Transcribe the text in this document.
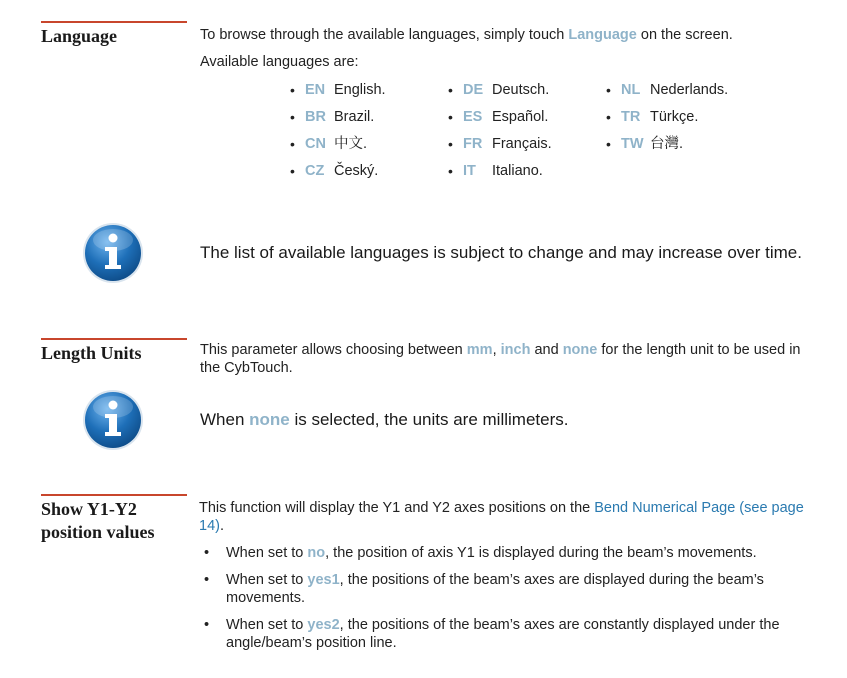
Language	To browse through the available languages, simply touch Language on the screen.
Available languages are:
• EN English.
• BR Brazil.
• CN 中文.
• CZ Český.
• DE Deutsch.
• ES Español.
• FR Français.
• IT Italiano.
• NL Nederlands.
• TR Türkçe.
• TW 台灣.
The list of available languages is subject to change and may increase over time.
Length Units	This parameter allows choosing between mm, inch and none for the length unit to be used in the CybTouch.
When none is selected, the units are millimeters.
Show Y1-Y2
position values
This function will display the Y1 and Y2 axes positions on the Bend Numerical Page (see page 14).
• When set to no, the position of axis Y1 is displayed during the beam’s movements.
• When set to yes1, the positions of the beam’s axes are displayed during the beam’s movements.
• When set to yes2, the positions of the beam’s axes are constantly displayed under the angle/beam’s position line.
